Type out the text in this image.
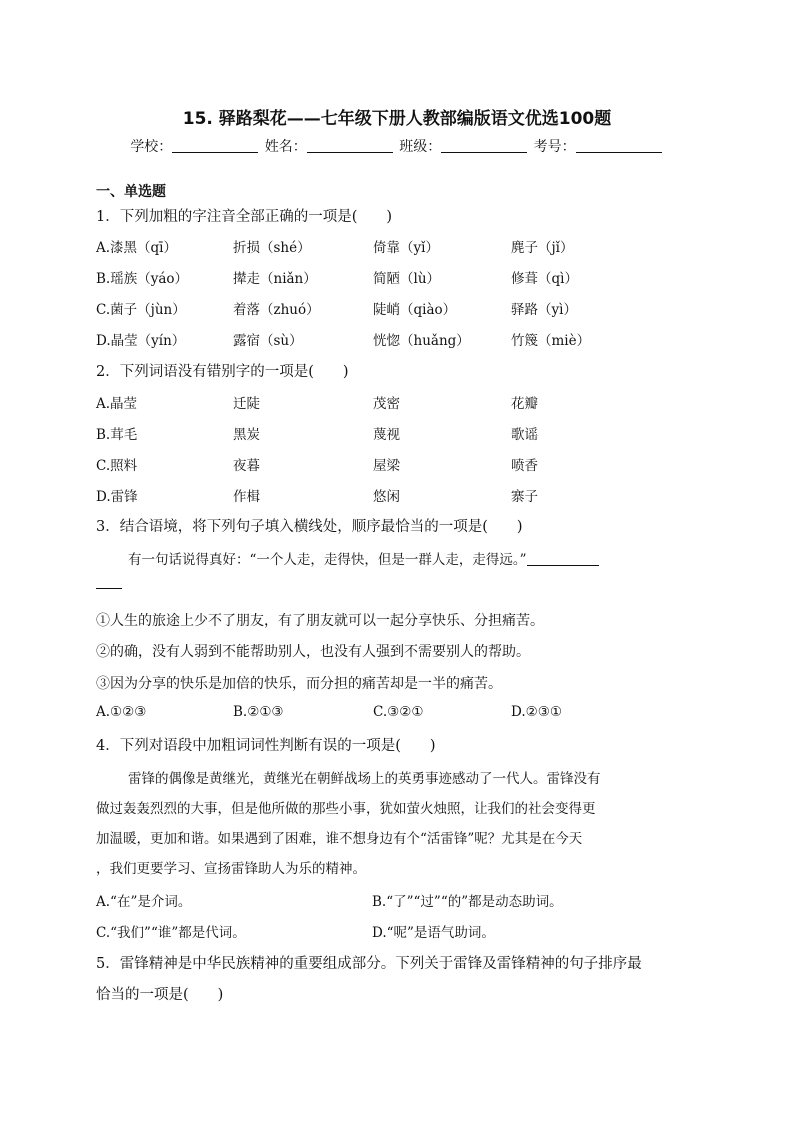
15. 驿路梨花——七年级下册人教部编版语文优选100题
学校：	姓名：	班级：	考号：
一、单选题
1．下列加粗的字注音全部正确的一项是(　　)
A.漆黑（qī）	折损（shé）	倚靠（yǐ）	麂子（jǐ）
B.瑶族（yáo）	撵走（niǎn）	简陋（lù）	修葺（qì）
C.菌子（jùn）	着落（zhuó）	陡峭（qiào）	驿路（yì）
D.晶莹（yín）	露宿（sù）	恍惚（huǎng）	竹篾（miè）
2．下列词语没有错别字的一项是(　　)
A.晶莹	迁陡	茂密	花瓣
B.茸毛	黑炭	蔑视	歌谣
C.照料	夜暮	屋梁	喷香
D.雷锋	作楫	悠闲	寨子
3．结合语境，将下列句子填入横线处，顺序最恰当的一项是(　　)
有一句话说得真好：“一个人走，走得快，但是一群人走，走得远。”
①人生的旅途上少不了朋友，有了朋友就可以一起分享快乐、分担痛苦。
②的确，没有人弱到不能帮助别人，也没有人强到不需要别人的帮助。
③因为分享的快乐是加倍的快乐，而分担的痛苦却是一半的痛苦。
A.①②③	B.②①③	C.③②①	D.②③①
4．下列对语段中加粗词词性判断有误的一项是(　　)
雷锋的偶像是黄继光，黄继光在朝鲜战场上的英勇事迹感动了一代人。雷锋没有
做过轰轰烈烈的大事，但是他所做的那些小事，犹如萤火烛照，让我们的社会变得更
加温暖，更加和谐。如果遇到了困难，谁不想身边有个“活雷锋”呢？尤其是在今天
，我们更要学习、宣扬雷锋助人为乐的精神。
A.“在”是介词。	B.“了”“过”“的”都是动态助词。
C.“我们”“谁”都是代词。	D.“呢”是语气助词。
5．雷锋精神是中华民族精神的重要组成部分。下列关于雷锋及雷锋精神的句子排序最
恰当的一项是(　　)
